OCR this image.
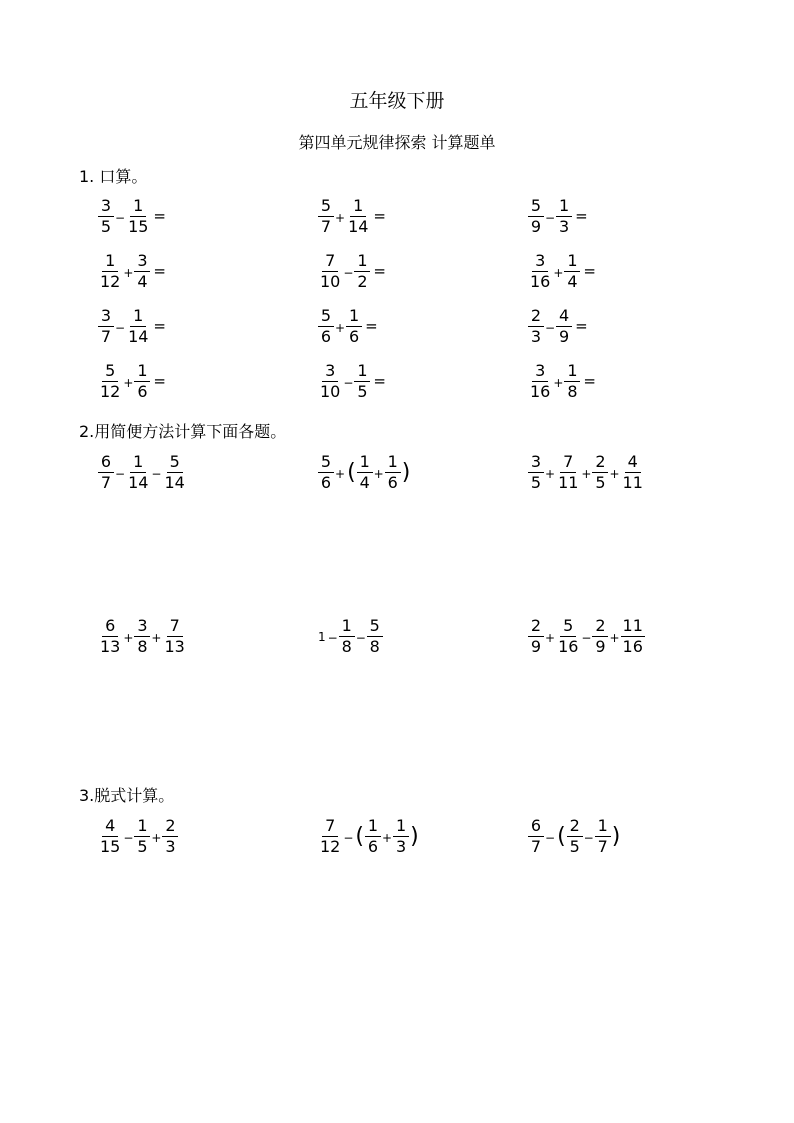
五年级下册
第四单元规律探索 计算题单
1. 口算。
2.用简便方法计算下面各题。
3.脱式计算。
$\frac{3}{5} - \frac{1}{15}$ =	$\frac{5}{7} + \frac{1}{14}$ =	$\frac{5}{9} - \frac{1}{3}$ =
$\frac{1}{12} + \frac{3}{4}$ =	$\frac{7}{10} - \frac{1}{2}$ =	$\frac{3}{16} + \frac{1}{4}$ =
$\frac{3}{7} - \frac{1}{14}$ =	$\frac{5}{6} + \frac{1}{6}$ =	$\frac{2}{3} - \frac{4}{9}$ =
$\frac{5}{12} + \frac{1}{6}$ =	$\frac{3}{10} - \frac{1}{5}$ =	$\frac{3}{16} + \frac{1}{8}$ =
$\frac{6}{7} - \frac{1}{14} - \frac{5}{14}$	$\frac{5}{6}$ + ( $\frac{1}{4} + \frac{1}{6}$ )	$\frac{3}{5} + \frac{7}{11} + \frac{2}{5} + \frac{4}{11}$
$\frac{6}{13} + \frac{3}{8} + \frac{7}{13}$	$1 - \frac{1}{8} - \frac{5}{8}$	$\frac{2}{9} + \frac{5}{16} - \frac{2}{9} + \frac{11}{16}$
$\frac{4}{15} - \frac{1}{5} + \frac{2}{3}$	$\frac{7}{12}$ − ( $\frac{1}{6} + \frac{1}{3}$ )	$\frac{6}{7}$ − ( $\frac{2}{5} - \frac{1}{7}$ )
